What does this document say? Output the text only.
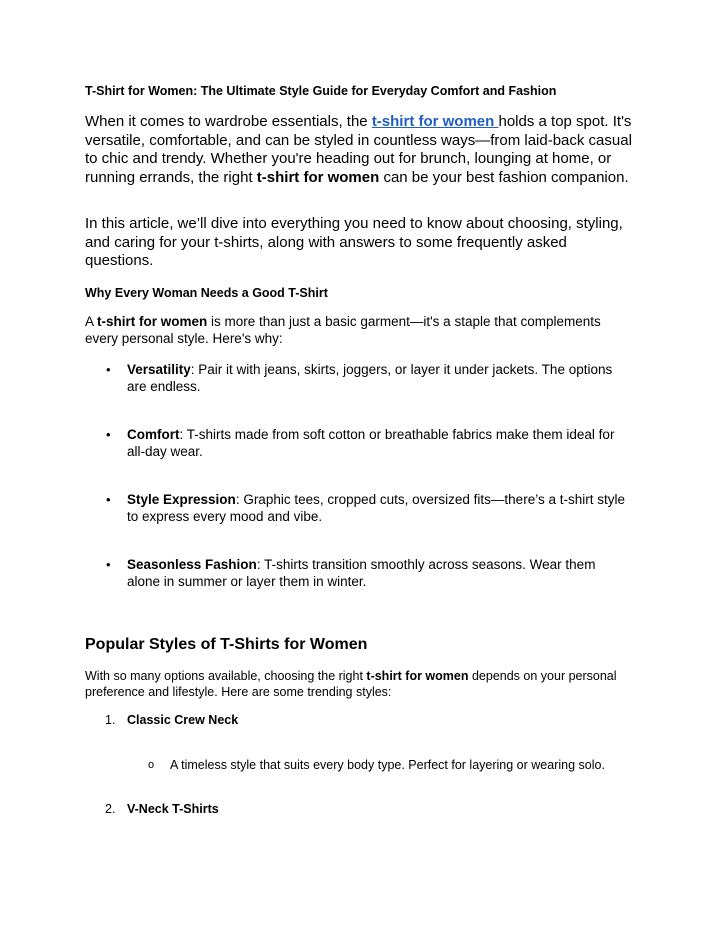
T-Shirt for Women: The Ultimate Style Guide for Everyday Comfort and Fashion

When it comes to wardrobe essentials, the t-shirt for women holds a top spot. It's versatile, comfortable, and can be styled in countless ways—from laid-back casual to chic and trendy. Whether you're heading out for brunch, lounging at home, or running errands, the right t-shirt for women can be your best fashion companion.

In this article, we’ll dive into everything you need to know about choosing, styling, and caring for your t-shirts, along with answers to some frequently asked questions.

Why Every Woman Needs a Good T-Shirt

A t-shirt for women is more than just a basic garment—it's a staple that complements every personal style. Here's why:

• Versatility: Pair it with jeans, skirts, joggers, or layer it under jackets. The options are endless.
• Comfort: T-shirts made from soft cotton or breathable fabrics make them ideal for all-day wear.
• Style Expression: Graphic tees, cropped cuts, oversized fits—there’s a t-shirt style to express every mood and vibe.
• Seasonless Fashion: T-shirts transition smoothly across seasons. Wear them alone in summer or layer them in winter.
Popular Styles of T-Shirts for Women

With so many options available, choosing the right t-shirt for women depends on your personal preference and lifestyle. Here are some trending styles:

1. Classic Crew Neck
o A timeless style that suits every body type. Perfect for layering or wearing solo.
2. V-Neck T-Shirts
